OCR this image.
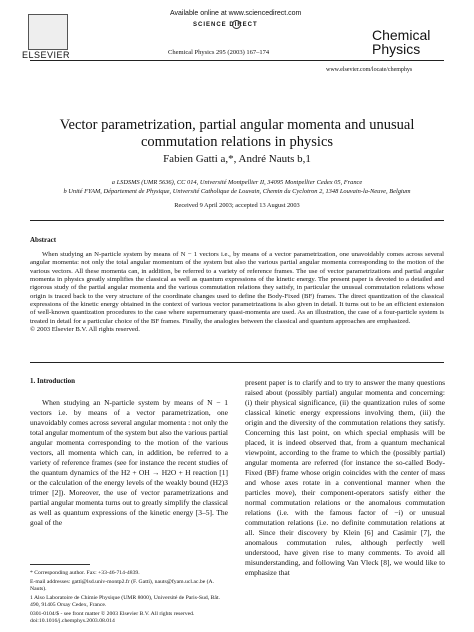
ELSEVIER
Available online at www.sciencedirect.com
SCIENCE DIRECT
Chemical Physics 295 (2003) 167–174
Chemical
Physics
www.elsevier.com/locate/chemphys
Vector parametrization, partial angular momenta and unusual commutation relations in physics
Fabien Gatti a,*, André Nauts b,1
a LSDSMS (UMR 5636), CC 014, Université Montpellier II, 34095 Montpellier Cedex 05, France
b Unité FYAM, Département de Physique, Université Catholique de Louvain, Chemin du Cyclotron 2, 1348 Louvain-la-Neuve, Belgium
Received 9 April 2003; accepted 13 August 2003
Abstract
When studying an N-particle system by means of N − 1 vectors i.e., by means of a vector parametrization, one unavoidably comes across several angular momenta: not only the total angular momentum of the system but also the various partial angular momenta corresponding to the motion of the various vectors. All these momenta can, in addition, be referred to a variety of reference frames. The use of vector parametrizations and partial angular momenta in physics greatly simplifies the classical as well as quantum expressions of the kinetic energy. The present paper is devoted to a detailed and rigorous study of the partial angular momenta and the various commutation relations they satisfy, in particular the unusual commutation relations whose origin is traced back to the very structure of the coordinate changes used to define the Body-Fixed (BF) frames. The direct quantization of the classical expressions of the kinetic energy obtained in the context of various vector parametrizations is also given in detail. It turns out to be an efficient extension of well-known quantization procedures to the case where supernumerary quasi-momenta are used. As an illustration, the case of a four-particle system is treated in detail for a particular choice of the BF frames. Finally, the analogies between the classical and quantum approaches are emphasized.
© 2003 Elsevier B.V. All rights reserved.
1. Introduction
When studying an N-particle system by means of N − 1 vectors i.e. by means of a vector parametrization, one unavoidably comes across several angular momenta : not only the total angular momentum of the system but also the various partial angular momenta corresponding to the motion of the various vectors, all momenta which can, in addition, be referred to a variety of reference frames (see for instance the recent studies of the quantum dynamics of the H2 + OH → H2O + H reaction [1] or the calculation of the energy levels of the weakly bound (H2)3 trimer [2]). Moreover, the use of vector parametrizations and partial angular momenta turns out to greatly simplify the classical as well as quantum expressions of the kinetic energy [3–5]. The goal of the
present paper is to clarify and to try to answer the many questions raised about (possibly partial) angular momenta and concerning: (i) their physical significance, (ii) the quantization rules of some classical kinetic energy expressions involving them, (iii) the origin and the diversity of the commutation relations they satisfy. Concerning this last point, on which special emphasis will be placed, it is indeed observed that, from a quantum mechanical viewpoint, according to the frame to which the (possibly partial) angular momenta are referred (for instance the so-called Body-Fixed (BF) frame whose origin coincides with the center of mass and whose axes rotate in a conventional manner when the particles move), their component-operators satisfy either the normal commutation relations or the anomalous commutation relations (i.e. with the famous factor of −i) or unusual commutation relations (i.e. no definite commutation relations at all. Since their discovery by Klein [6] and Casimir [7], the anomalous commutation rules, although perfectly well understood, have given rise to many comments. To avoid all misunderstanding, and following Van Vleck [8], we would like to emphasize that

* Corresponding author. Fax: +33-46-714-4839.

E-mail addresses: gatti@lsd.univ-montp2.fr (F. Gatti), nauts@fyam.ucl.ac.be (A. Nauts).

1 Also Laboratoire de Chimie Physique (UMR 8000), Université de Paris-Sud, Bât. 490, 91405 Orsay Cedex, France.

0301-0104/$ - see front matter © 2003 Elsevier B.V. All rights reserved.
doi:10.1016/j.chemphys.2003.08.014
